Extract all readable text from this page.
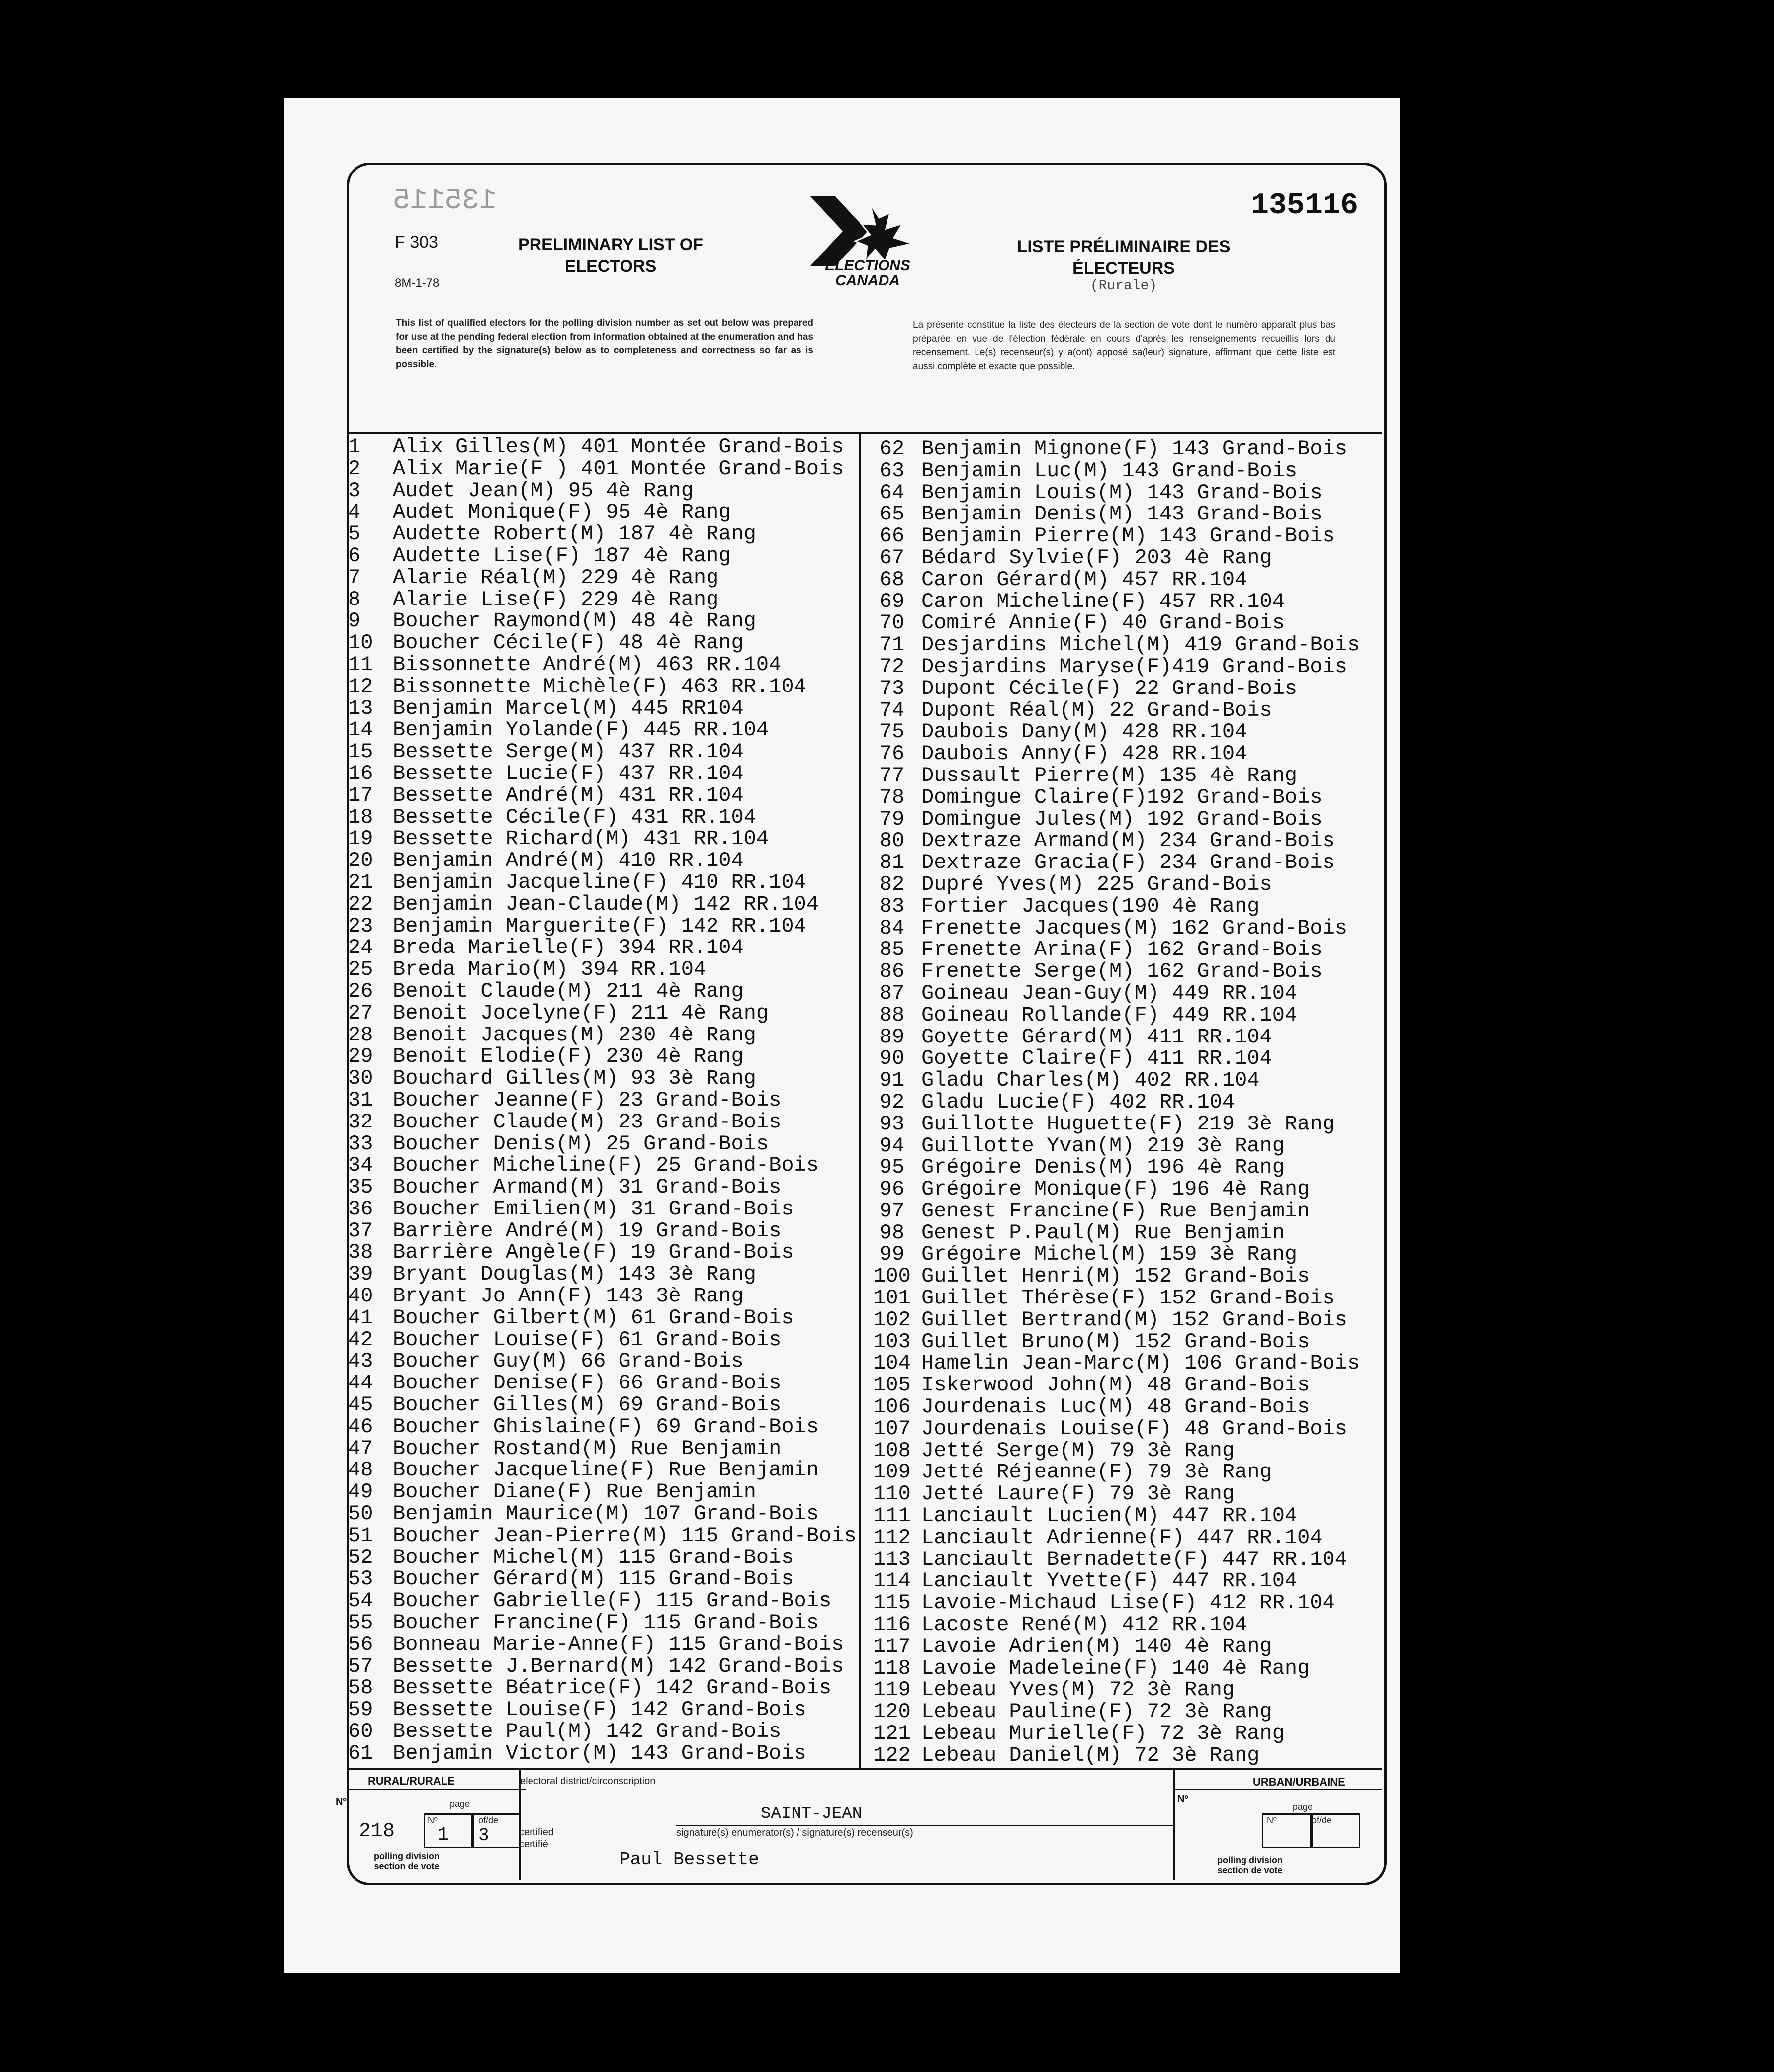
135115	135116
F 303
8M-1-78
PRELIMINARY LIST OF
ELECTORS
LISTE PRÉLIMINAIRE DES
ÉLECTEURS
(Rurale)
ELECTIONS
CANADA
This list of qualified electors for the polling division number as set out below was prepared for use at the pending federal election from information obtained at the enumeration and has been certified by the signature(s) below as to completeness and correctness so far as is possible.
La présente constitue la liste des électeurs de la section de vote dont le numéro apparaît plus bas préparée en vue de l'élection fédérale en cours d'après les renseignements recueillis lors du recensement. Le(s) recenseur(s) y a(ont) apposé sa(leur) signature, affirmant que cette liste est aussi complète et exacte que possible.
1	Alix Gilles(M) 401 Montée Grand-Bois
2	Alix Marie(F ) 401 Montée Grand-Bois
3	Audet Jean(M) 95 4è Rang
4	Audet Monique(F) 95 4è Rang
5	Audette Robert(M) 187 4è Rang
6	Audette Lise(F) 187 4è Rang
7	Alarie Réal(M) 229 4è Rang
8	Alarie Lise(F) 229 4è Rang
9	Boucher Raymond(M) 48 4è Rang
10 Boucher Cécile(F) 48 4è Rang
11 Bissonnette André(M) 463 RR.104
12 Bissonnette Michèle(F) 463 RR.104
13 Benjamin Marcel(M) 445 RR104
14 Benjamin Yolande(F) 445 RR.104
15 Bessette Serge(M) 437 RR.104
16 Bessette Lucie(F) 437 RR.104
17 Bessette André(M) 431 RR.104
18 Bessette Cécile(F) 431 RR.104
19 Bessette Richard(M) 431 RR.104
20 Benjamin André(M) 410 RR.104
21 Benjamin Jacqueline(F) 410 RR.104
22 Benjamin Jean-Claude(M) 142 RR.104
23 Benjamin Marguerite(F) 142 RR.104
24 Breda Marielle(F) 394 RR.104
25 Breda Mario(M) 394 RR.104
26 Benoit Claude(M) 211 4è Rang
27 Benoit Jocelyne(F) 211 4è Rang
28 Benoit Jacques(M) 230 4è Rang
29 Benoit Elodie(F) 230 4è Rang
30 Bouchard Gilles(M) 93 3è Rang
31 Boucher Jeanne(F) 23 Grand-Bois
32 Boucher Claude(M) 23 Grand-Bois
33 Boucher Denis(M) 25 Grand-Bois
34 Boucher Micheline(F) 25 Grand-Bois
35 Boucher Armand(M) 31 Grand-Bois
36 Boucher Emilien(M) 31 Grand-Bois
37 Barrière André(M) 19 Grand-Bois
38 Barrière Angèle(F) 19 Grand-Bois
39 Bryant Douglas(M) 143 3è Rang
40 Bryant Jo Ann(F) 143 3è Rang
41 Boucher Gilbert(M) 61 Grand-Bois
42 Boucher Louise(F) 61 Grand-Bois
43 Boucher Guy(M) 66 Grand-Bois
44 Boucher Denise(F) 66 Grand-Bois
45 Boucher Gilles(M) 69 Grand-Bois
46 Boucher Ghislaine(F) 69 Grand-Bois
47 Boucher Rostand(M) Rue Benjamin
48 Boucher Jacqueline(F) Rue Benjamin
49 Boucher Diane(F) Rue Benjamin
50 Benjamin Maurice(M) 107 Grand-Bois
51 Boucher Jean-Pierre(M) 115 Grand-Bois
52 Boucher Michel(M) 115 Grand-Bois
53 Boucher Gérard(M) 115 Grand-Bois
54 Boucher Gabrielle(F) 115 Grand-Bois
55 Boucher Francine(F) 115 Grand-Bois
56 Bonneau Marie-Anne(F) 115 Grand-Bois
57 Bessette J.Bernard(M) 142 Grand-Bois
58 Bessette Béatrice(F) 142 Grand-Bois
59 Bessette Louise(F) 142 Grand-Bois
60 Bessette Paul(M) 142 Grand-Bois
61 Benjamin Victor(M) 143 Grand-Bois
62 Benjamin Mignone(F) 143 Grand-Bois
63 Benjamin Luc(M) 143 Grand-Bois
64 Benjamin Louis(M) 143 Grand-Bois
65 Benjamin Denis(M) 143 Grand-Bois
66 Benjamin Pierre(M) 143 Grand-Bois
67 Bédard Sylvie(F) 203 4è Rang
68 Caron Gérard(M) 457 RR.104
69 Caron Micheline(F) 457 RR.104
70 Comiré Annie(F) 40 Grand-Bois
71 Desjardins Michel(M) 419 Grand-Bois
72 Desjardins Maryse(F)419 Grand-Bois
73 Dupont Cécile(F) 22 Grand-Bois
74 Dupont Réal(M) 22 Grand-Bois
75 Daubois Dany(M) 428 RR.104
76 Daubois Anny(F) 428 RR.104
77 Dussault Pierre(M) 135 4è Rang
78 Domingue Claire(F)192 Grand-Bois
79 Domingue Jules(M) 192 Grand-Bois
80 Dextraze Armand(M) 234 Grand-Bois
81 Dextraze Gracia(F) 234 Grand-Bois
82 Dupré Yves(M) 225 Grand-Bois
83 Fortier Jacques(190 4è Rang
84 Frenette Jacques(M) 162 Grand-Bois
85 Frenette Arina(F) 162 Grand-Bois
86 Frenette Serge(M) 162 Grand-Bois
87 Goineau Jean-Guy(M) 449 RR.104
88 Goineau Rollande(F) 449 RR.104
89 Goyette Gérard(M) 411 RR.104
90 Goyette Claire(F) 411 RR.104
91 Gladu Charles(M) 402 RR.104
92 Gladu Lucie(F) 402 RR.104
93 Guillotte Huguette(F) 219 3è Rang
94 Guillotte Yvan(M) 219 3è Rang
95 Grégoire Denis(M) 196 4è Rang
96 Grégoire Monique(F) 196 4è Rang
97 Genest Francine(F) Rue Benjamin
98 Genest P.Paul(M) Rue Benjamin
99 Grégoire Michel(M) 159 3è Rang
100 Guillet Henri(M) 152 Grand-Bois
101 Guillet Thérèse(F) 152 Grand-Bois
102 Guillet Bertrand(M) 152 Grand-Bois
103 Guillet Bruno(M) 152 Grand-Bois
104 Hamelin Jean-Marc(M) 106 Grand-Bois
105 Iskerwood John(M) 48 Grand-Bois
106 Jourdenais Luc(M) 48 Grand-Bois
107 Jourdenais Louise(F) 48 Grand-Bois
108 Jetté Serge(M) 79 3è Rang
109 Jetté Réjeanne(F) 79 3è Rang
110 Jetté Laure(F) 79 3è Rang
111 Lanciault Lucien(M) 447 RR.104
112 Lanciault Adrienne(F) 447 RR.104
113 Lanciault Bernadette(F) 447 RR.104
114 Lanciault Yvette(F) 447 RR.104
115 Lavoie-Michaud Lise(F) 412 RR.104
116 Lacoste René(M) 412 RR.104
117 Lavoie Adrien(M) 140 4è Rang
118 Lavoie Madeleine(F) 140 4è Rang
119 Lebeau Yves(M) 72 3è Rang
120 Lebeau Pauline(F) 72 3è Rang
121 Lebeau Murielle(F) 72 3è Rang
122 Lebeau Daniel(M) 72 3è Rang
RURAL/RURALE
Nº	page
218	Nº
1
of/de
3
polling division
section de vote
electoral district/circonscription
SAINT-JEAN
signature(s) enumerator(s) / signature(s) recenseur(s)
certified
certifié
Paul Bessette
URBAN/URBAINE
Nº
page
Nº	of/de
polling division
section de vote
